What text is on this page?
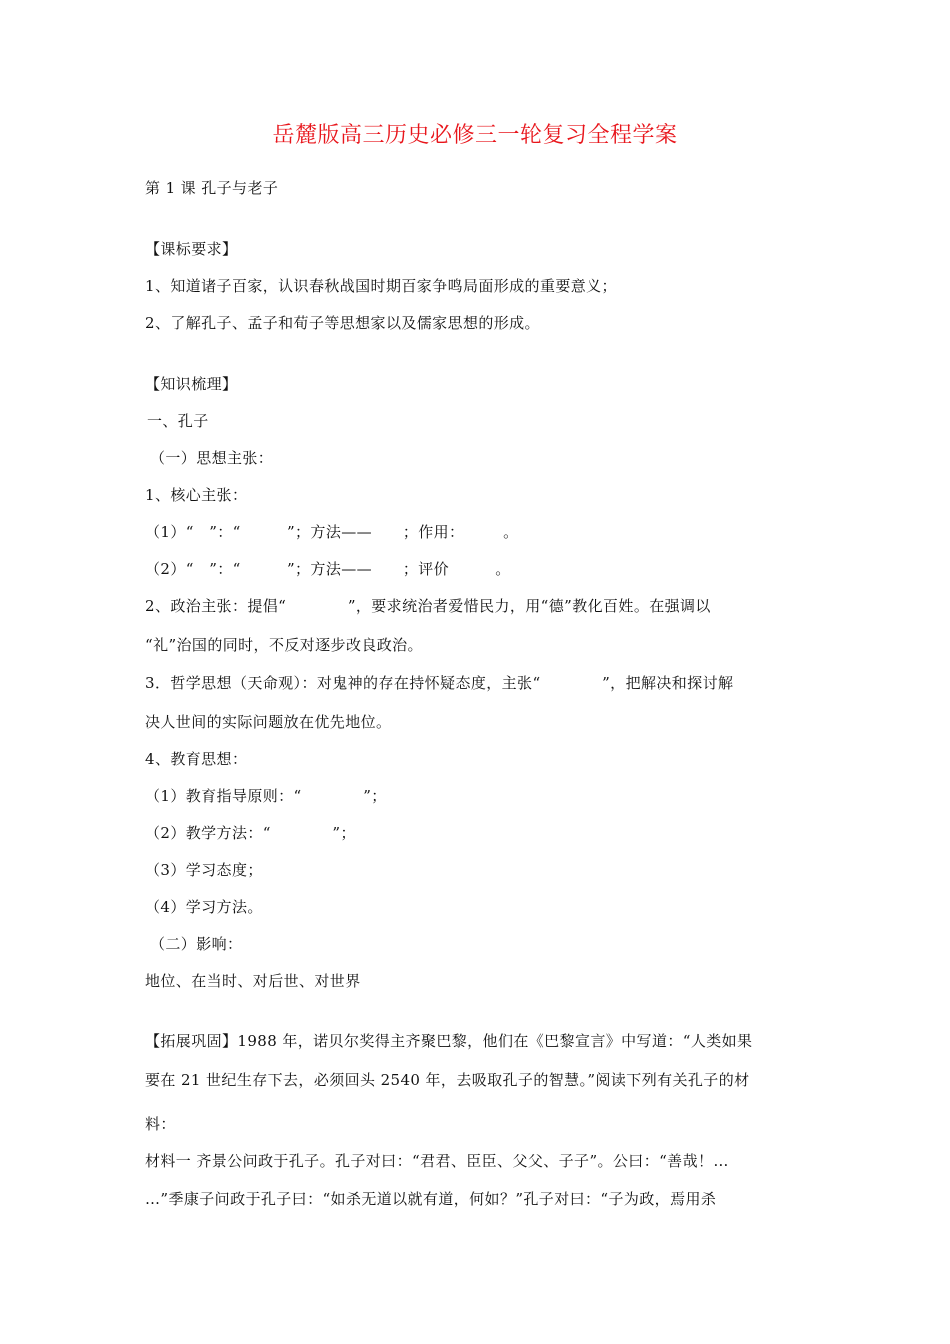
岳麓版高三历史必修三一轮复习全程学案
第 1 课 孔子与老子
【课标要求】
1、知道诸子百家，认识春秋战国时期百家争鸣局面形成的重要意义；
2、了解孔子、孟子和荀子等思想家以及儒家思想的形成。
【知识梳理】
一、孔子
（一）思想主张：
1、核心主张：
（1）“　”：“　　　”；方法——　　；作用：　　　。
（2）“　”：“　　　”；方法——　　；评价　　　。
2、政治主张：提倡“　　　　”，要求统治者爱惜民力，用“德”教化百姓。在强调以
“礼”治国的同时，不反对逐步改良政治。
3．哲学思想（天命观）：对鬼神的存在持怀疑态度，主张“　　　　”，把解决和探讨解
决人世间的实际问题放在优先地位。
4、教育思想：
（1）教育指导原则：“　　　　”；
（2）教学方法：“　　　　”；
（3）学习态度；
（4）学习方法。
（二）影响：
地位、在当时、对后世、对世界
【拓展巩固】1988 年，诺贝尔奖得主齐聚巴黎，他们在《巴黎宣言》中写道：“人类如果
要在 21 世纪生存下去，必须回头 2540 年，去吸取孔子的智慧。”阅读下列有关孔子的材
料：
材料一 齐景公问政于孔子。孔子对曰：“君君、臣臣、父父、子子”。公曰：“善哉！…
…”季康子问政于孔子曰：“如杀无道以就有道，何如？”孔子对曰：“子为政，焉用杀
